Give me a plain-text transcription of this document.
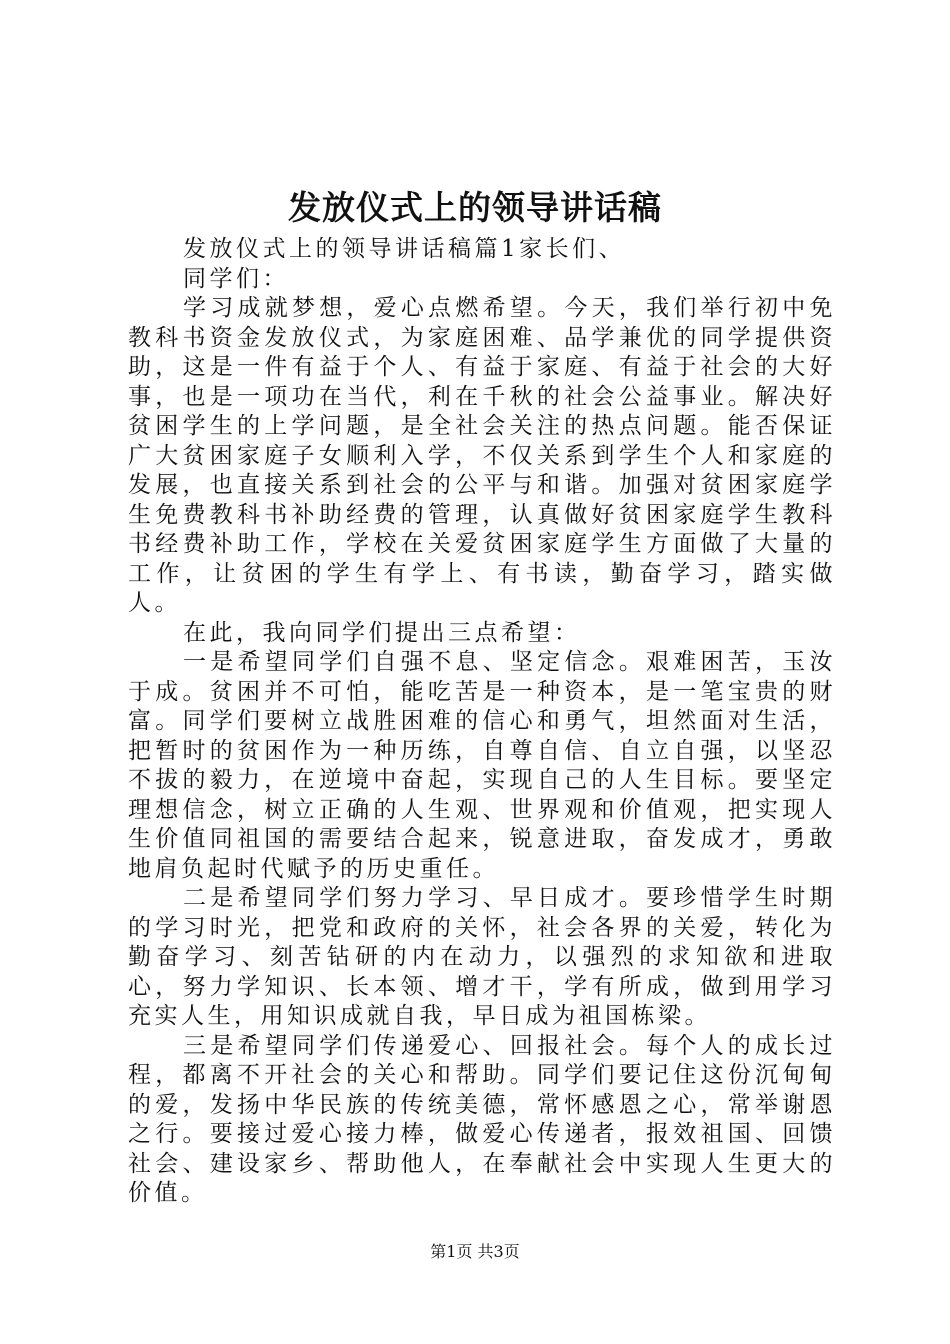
发放仪式上的领导讲话稿

发放仪式上的领导讲话稿篇1家长们、

同学们：

学习成就梦想，爱心点燃希望。今天，我们举行初中免教科书资金发放仪式，为家庭困难、品学兼优的同学提供资助，这是一件有益于个人、有益于家庭、有益于社会的大好事，也是一项功在当代，利在千秋的社会公益事业。解决好贫困学生的上学问题，是全社会关注的热点问题。能否保证广大贫困家庭子女顺利入学，不仅关系到学生个人和家庭的发展，也直接关系到社会的公平与和谐。加强对贫困家庭学生免费教科书补助经费的管理，认真做好贫困家庭学生教科书经费补助工作，学校在关爱贫困家庭学生方面做了大量的工作，让贫困的学生有学上、有书读，勤奋学习，踏实做人。

在此，我向同学们提出三点希望：

一是希望同学们自强不息、坚定信念。艰难困苦，玉汝于成。贫困并不可怕，能吃苦是一种资本，是一笔宝贵的财富。同学们要树立战胜困难的信心和勇气，坦然面对生活，把暂时的贫困作为一种历练，自尊自信、自立自强，以坚忍不拔的毅力，在逆境中奋起，实现自己的人生目标。要坚定理想信念，树立正确的人生观、世界观和价值观，把实现人生价值同祖国的需要结合起来，锐意进取，奋发成才，勇敢地肩负起时代赋予的历史重任。

二是希望同学们努力学习、早日成才。要珍惜学生时期的学习时光，把党和政府的关怀，社会各界的关爱，转化为勤奋学习、刻苦钻研的内在动力，以强烈的求知欲和进取心，努力学知识、长本领、增才干，学有所成，做到用学习充实人生，用知识成就自我，早日成为祖国栋梁。

三是希望同学们传递爱心、回报社会。每个人的成长过程，都离不开社会的关心和帮助。同学们要记住这份沉甸甸的爱，发扬中华民族的传统美德，常怀感恩之心，常举谢恩之行。要接过爱心接力棒，做爱心传递者，报效祖国、回馈社会、建设家乡、帮助他人，在奉献社会中实现人生更大的价值。

第1页 共3页
